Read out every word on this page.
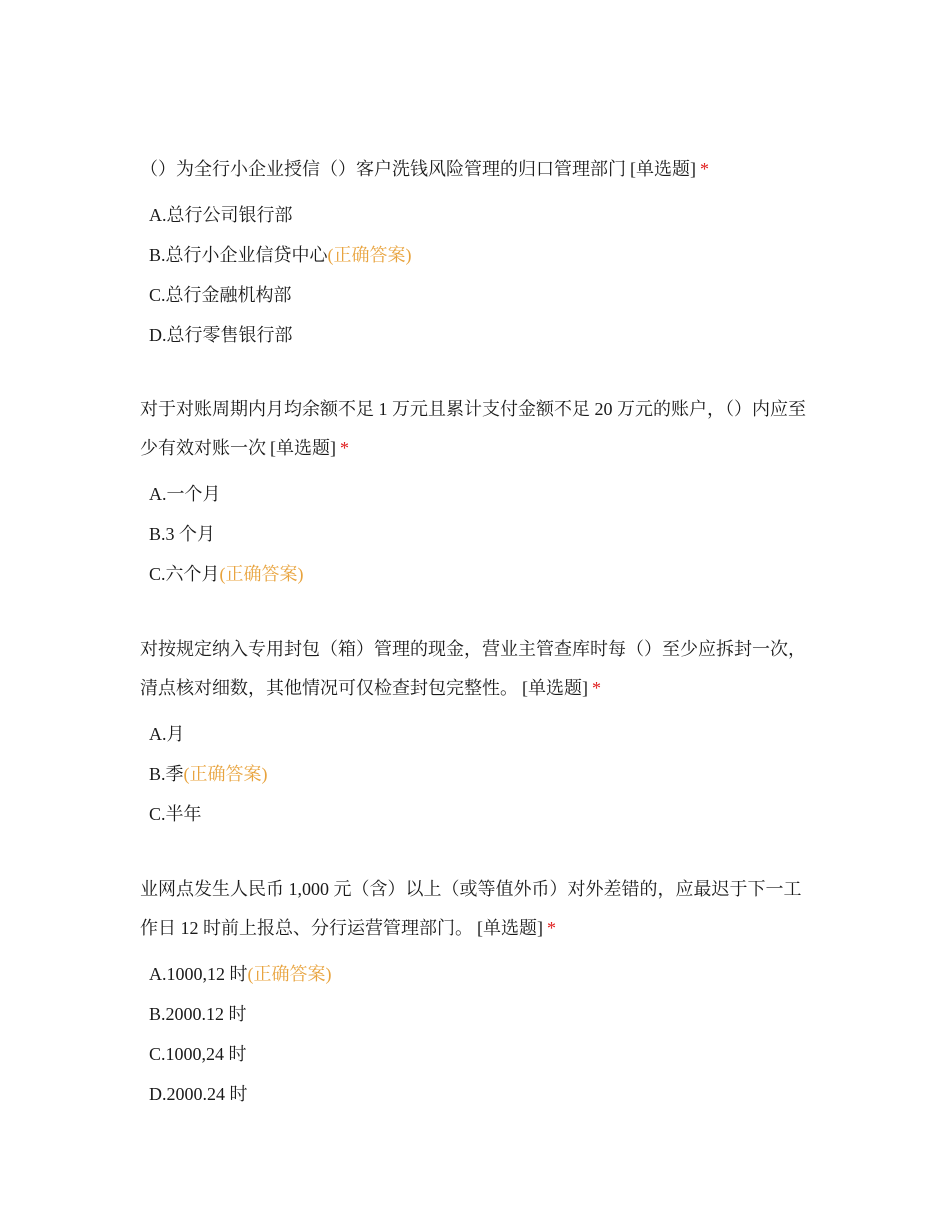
（）为全行小企业授信（）客户洗钱风险管理的归口管理部门 [单选题] *

A.总行公司银行部
B.总行小企业信贷中心(正确答案)
C.总行金融机构部
D.总行零售银行部

对于对账周期内月均余额不足 1 万元且累计支付金额不足 20 万元的账户，（）内应至少有效对账一次 [单选题] *

A.一个月
B.3 个月
C.六个月(正确答案)

对按规定纳入专用封包（箱）管理的现金，营业主管查库时每（）至少应拆封一次，清点核对细数，其他情况可仅检查封包完整性。 [单选题] *

A.月
B.季(正确答案)
C.半年

业网点发生人民币 1,000 元（含）以上（或等值外币）对外差错的，应最迟于下一工作日 12 时前上报总、分行运营管理部门。 [单选题] *

A.1000,12 时(正确答案)
B.2000.12 时
C.1000,24 时
D.2000.24 时
